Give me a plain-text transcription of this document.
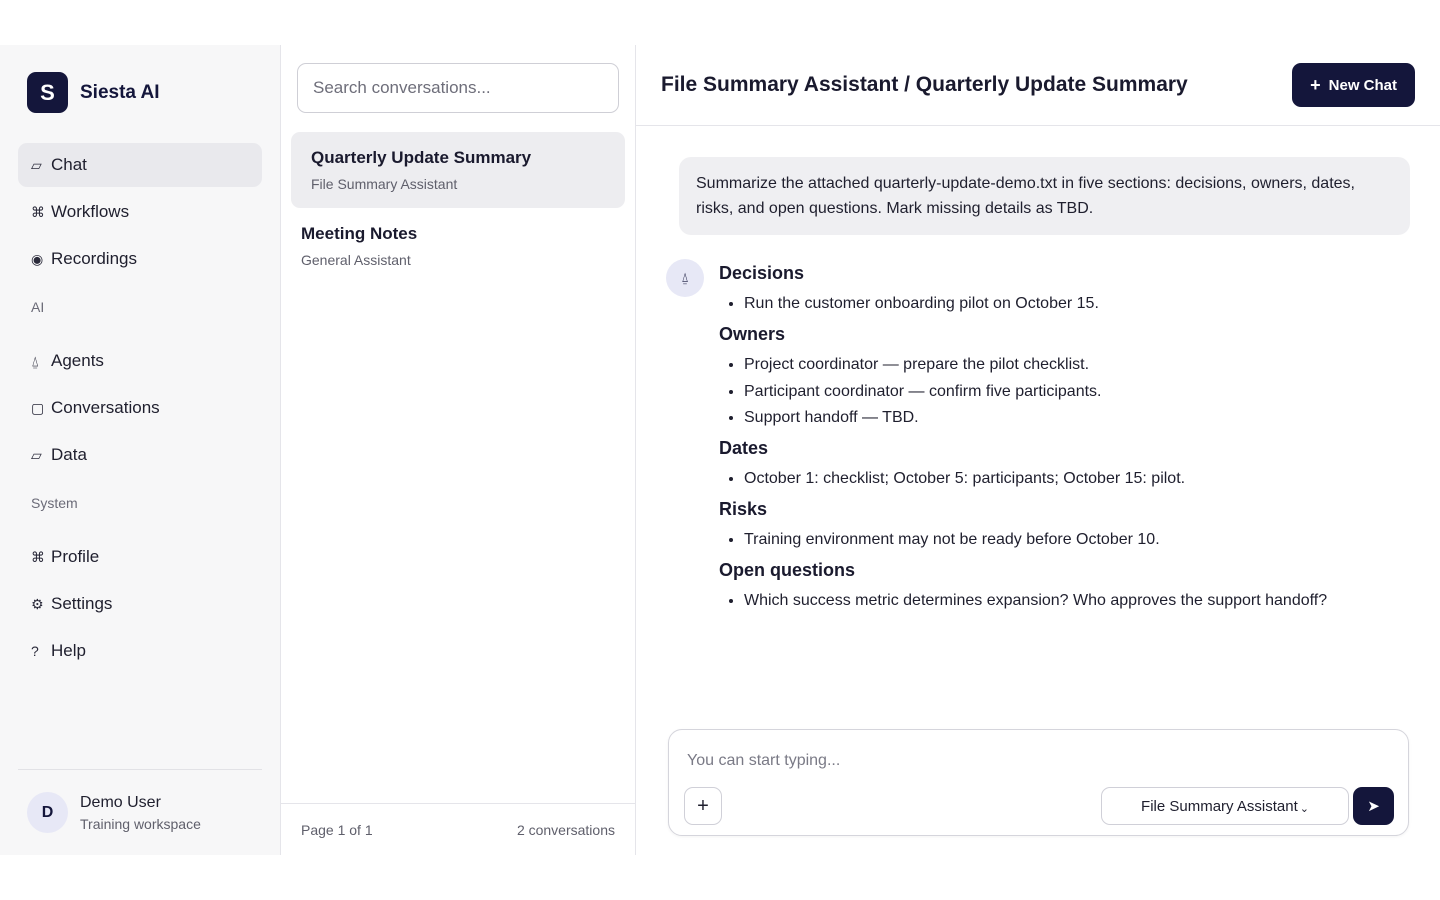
S	Siesta AI
▱ Chat
⌘ Workflows
◉ Recordings
AI
⍙ Agents
▢ Conversations
▱ Data
System
⌘ Profile
⚙ Settings
? Help
D
Demo User
Training workspace
Search conversations...
Quarterly Update Summary
File Summary Assistant
Meeting Notes
General Assistant
Page 1 of 1	2 conversations
File Summary Assistant / Quarterly Update Summary	+ New Chat
Summarize the attached quarterly-update-demo.txt in five sections: decisions, owners, dates, risks, and open questions. Mark missing details as TBD.
⍙	Decisions
• Run the customer onboarding pilot on October 15.
Owners
• Project coordinator — prepare the pilot checklist.
• Participant coordinator — confirm five participants.
• Support handoff — TBD.
Dates
• October 1: checklist; October 5: participants; October 15: pilot.
Risks
• Training environment may not be ready before October 10.
Open questions
• Which success metric determines expansion? Who approves the support handoff?
You can start typing...
+	File Summary Assistant ⌄	➤
